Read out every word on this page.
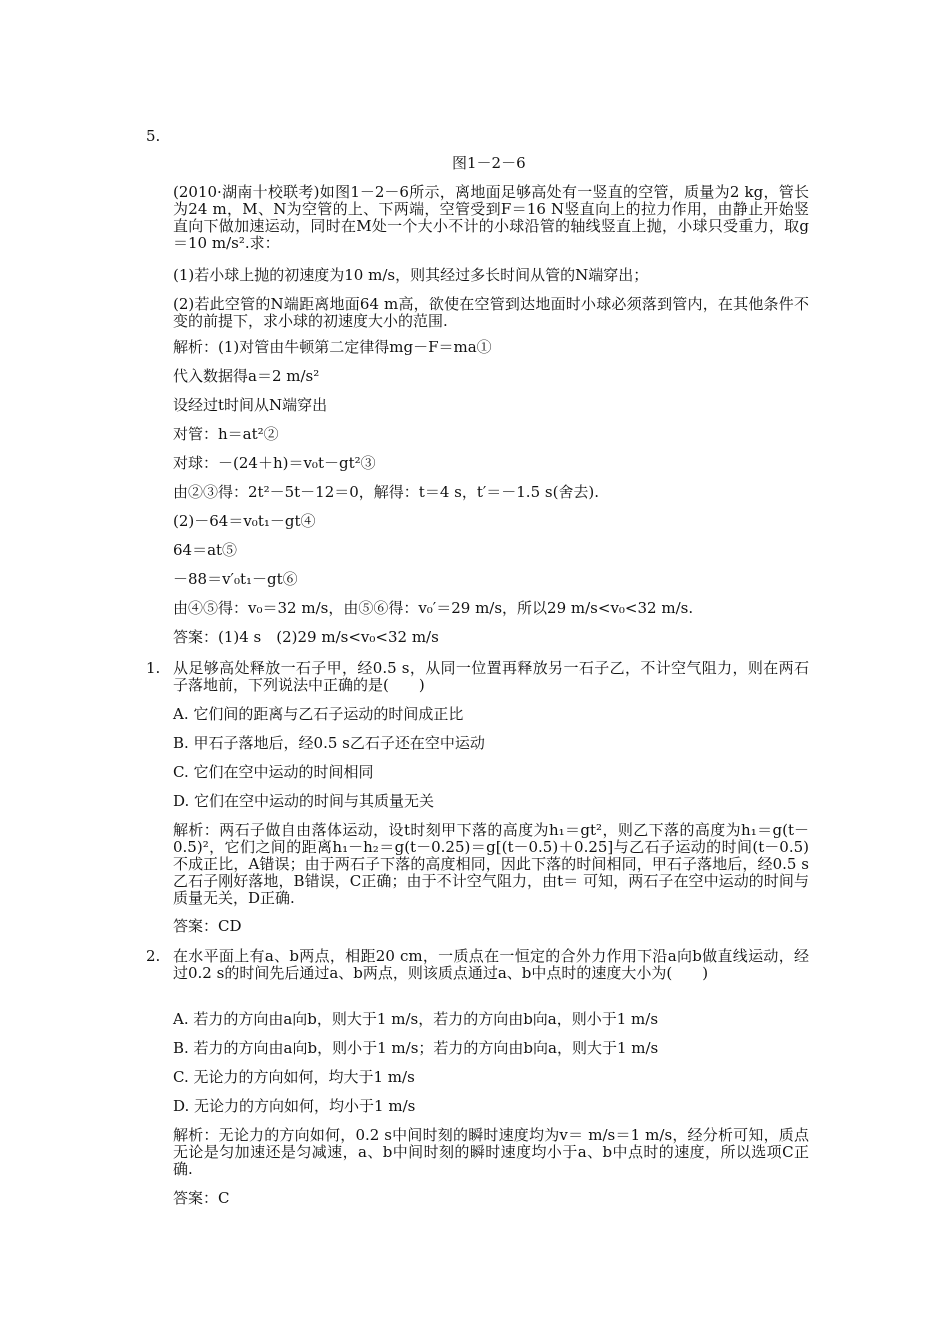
5.
图1－2－6
(2010·湖南十校联考)如图1－2－6所示，离地面足够高处有一竖直的空管，质量为2 kg，管长为24 m，M、N为空管的上、下两端，空管受到F＝16 N竖直向上的拉力作用，由静止开始竖直向下做加速运动，同时在M处一个大小不计的小球沿管的轴线竖直上抛，小球只受重力，取g＝10 m/s².求：
(1)若小球上抛的初速度为10 m/s，则其经过多长时间从管的N端穿出；
(2)若此空管的N端距离地面64 m高，欲使在空管到达地面时小球必须落到管内，在其他条件不变的前提下，求小球的初速度大小的范围.
解析：(1)对管由牛顿第二定律得mg－F＝ma①
代入数据得a＝2 m/s²
设经过t时间从N端穿出
对管：h＝at²②
对球：－(24＋h)＝v₀t－gt²③
由②③得：2t²－5t－12＝0，解得：t＝4 s，t′＝－1.5 s(舍去).
(2)－64＝v₀t₁－gt④
64＝at⑤
－88＝v′₀t₁－gt⑥
由④⑤得：v₀＝32 m/s，由⑤⑥得：v₀′＝29 m/s，所以29 m/s<v₀<32 m/s.
答案：(1)4 s　(2)29 m/s<v₀<32 m/s
1. 从足够高处释放一石子甲，经0.5 s，从同一位置再释放另一石子乙，不计空气阻力，则在两石子落地前，下列说法中正确的是(　　)
A. 它们间的距离与乙石子运动的时间成正比
B. 甲石子落地后，经0.5 s乙石子还在空中运动
C. 它们在空中运动的时间相同
D. 它们在空中运动的时间与其质量无关
解析：两石子做自由落体运动，设t时刻甲下落的高度为h₁＝gt²，则乙下落的高度为h₁＝g(t－0.5)²，它们之间的距离h₁－h₂＝g(t－0.25)＝g[(t－0.5)＋0.25]与乙石子运动的时间(t－0.5)不成正比，A错误；由于两石子下落的高度相同，因此下落的时间相同，甲石子落地后，经0.5 s乙石子刚好落地，B错误，C正确；由于不计空气阻力，由t＝ 可知，两石子在空中运动的时间与质量无关，D正确.
答案：CD
2. 在水平面上有a、b两点，相距20 cm，一质点在一恒定的合外力作用下沿a向b做直线运动，经过0.2 s的时间先后通过a、b两点，则该质点通过a、b中点时的速度大小为(　　)
A. 若力的方向由a向b，则大于1 m/s，若力的方向由b向a，则小于1 m/s
B. 若力的方向由a向b，则小于1 m/s；若力的方向由b向a，则大于1 m/s
C. 无论力的方向如何，均大于1 m/s
D. 无论力的方向如何，均小于1 m/s
解析：无论力的方向如何，0.2 s中间时刻的瞬时速度均为v＝ m/s＝1 m/s，经分析可知，质点无论是匀加速还是匀减速，a、b中间时刻的瞬时速度均小于a、b中点时的速度，所以选项C正确.
答案：C
